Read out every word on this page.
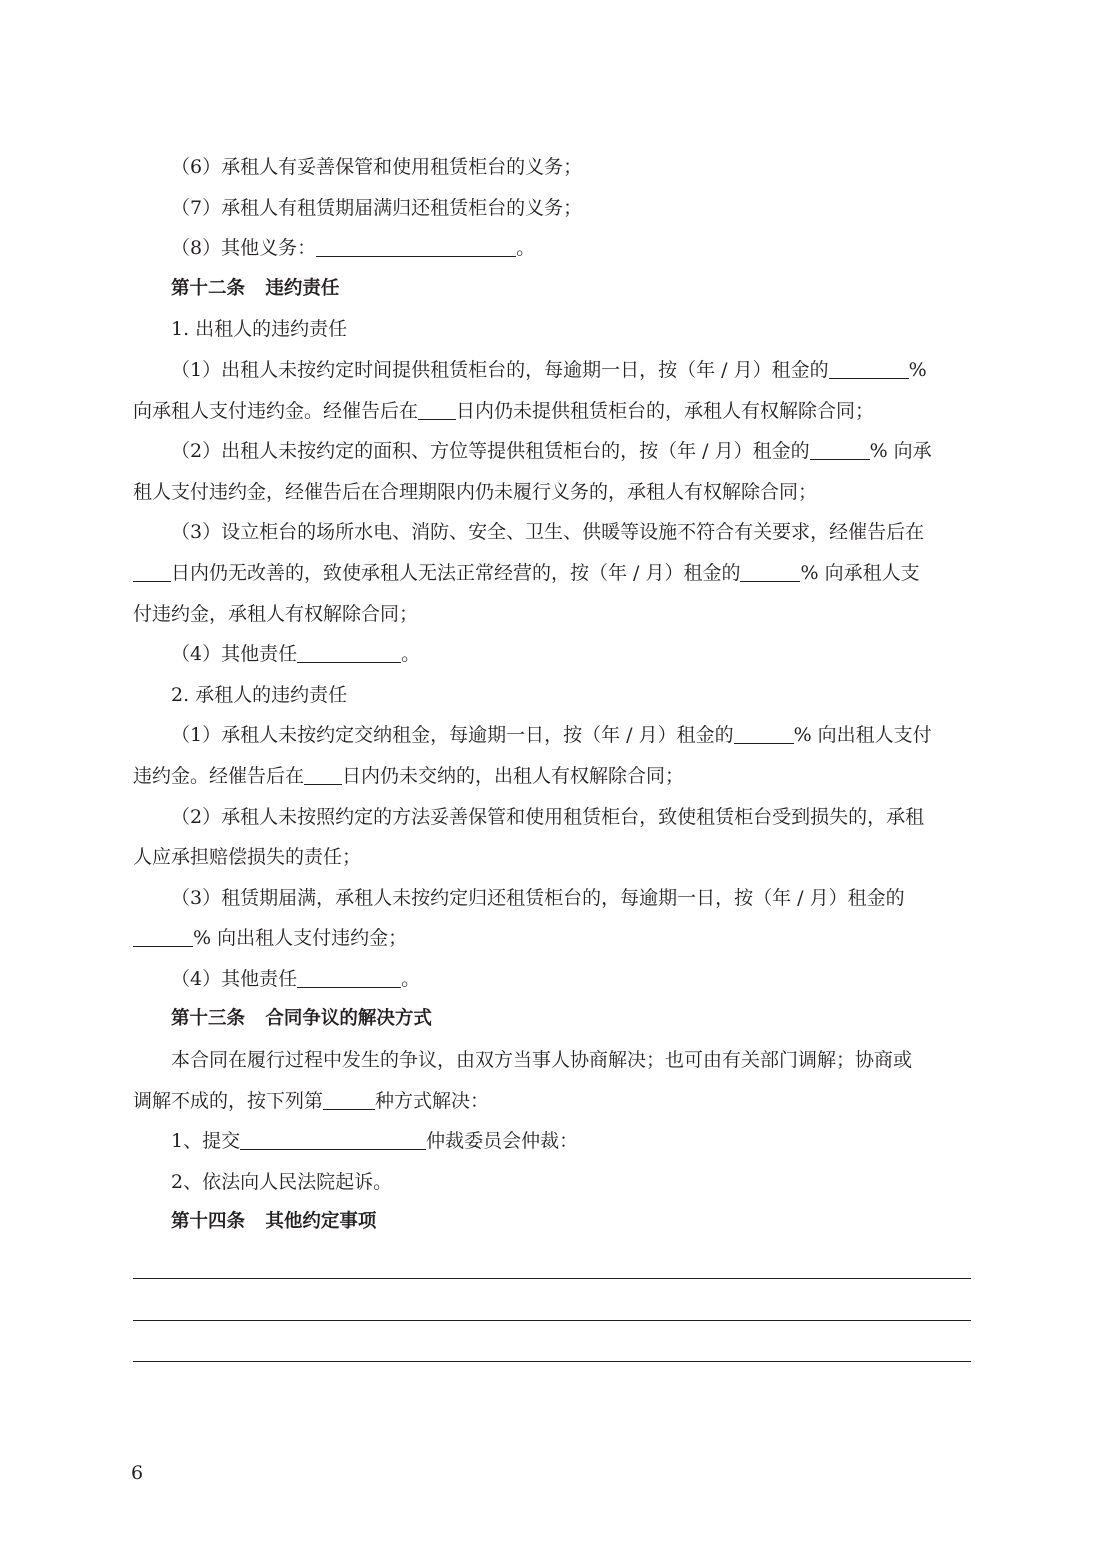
（6）承租人有妥善保管和使用租赁柜台的义务；
（7）承租人有租赁期届满归还租赁柜台的义务；
（8）其他义务：	。
第十二条 违约责任
1. 出租人的违约责任
（1）出租人未按约定时间提供租赁柜台的，每逾期一日，按（年 / 月）租金的	%
向承租人支付违约金。经催告后在 日内仍未提供租赁柜台的，承租人有权解除合同；
（2）出租人未按约定的面积、方位等提供租赁柜台的，按（年 / 月）租金的	% 向承
租人支付违约金，经催告后在合理期限内仍未履行义务的，承租人有权解除合同；
（3）设立柜台的场所水电、消防、安全、卫生、供暖等设施不符合有关要求，经催告后在
日内仍无改善的，致使承租人无法正常经营的，按（年 / 月）租金的	% 向承租人支
付违约金，承租人有权解除合同；
（4）其他责任	。
2. 承租人的违约责任
（1）承租人未按约定交纳租金，每逾期一日，按（年 / 月）租金的	% 向出租人支付
违约金。经催告后在 日内仍未交纳的，出租人有权解除合同；
（2）承租人未按照约定的方法妥善保管和使用租赁柜台，致使租赁柜台受到损失的，承租
人应承担赔偿损失的责任；
（3）租赁期届满，承租人未按约定归还租赁柜台的，每逾期一日，按（年 / 月）租金的
% 向出租人支付违约金；
（4）其他责任	。
第十三条 合同争议的解决方式
本合同在履行过程中发生的争议，由双方当事人协商解决；也可由有关部门调解；协商或
调解不成的，按下列第	种方式解决：
1、提交	仲裁委员会仲裁：
2、依法向人民法院起诉。
第十四条 其他约定事项
6
